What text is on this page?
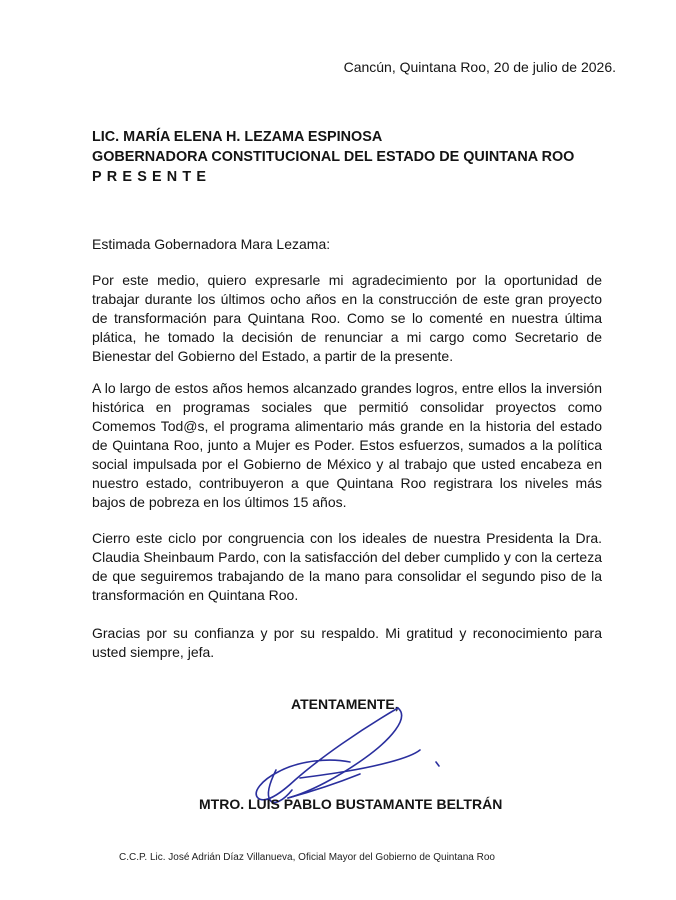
Cancún, Quintana Roo, 20 de julio de 2026.
LIC. MARÍA ELENA H. LEZAMA ESPINOSA
GOBERNADORA CONSTITUCIONAL DEL ESTADO DE QUINTANA ROO
PRESENTE
Estimada Gobernadora Mara Lezama:

Por este medio, quiero expresarle mi agradecimiento por la oportunidad de trabajar durante los últimos ocho años en la construcción de este gran proyecto de transformación para Quintana Roo. Como se lo comenté en nuestra última plática, he tomado la decisión de renunciar a mi cargo como Secretario de Bienestar del Gobierno del Estado, a partir de la presente.

A lo largo de estos años hemos alcanzado grandes logros, entre ellos la inversión histórica en programas sociales que permitió consolidar proyectos como Comemos Tod@s, el programa alimentario más grande en la historia del estado de Quintana Roo, junto a Mujer es Poder. Estos esfuerzos, sumados a la política social impulsada por el Gobierno de México y al trabajo que usted encabeza en nuestro estado, contribuyeron a que Quintana Roo registrara los niveles más bajos de pobreza en los últimos 15 años.

Cierro este ciclo por congruencia con los ideales de nuestra Presidenta la Dra. Claudia Sheinbaum Pardo, con la satisfacción del deber cumplido y con la certeza de que seguiremos trabajando de la mano para consolidar el segundo piso de la transformación en Quintana Roo.

Gracias por su confianza y por su respaldo. Mi gratitud y reconocimiento para usted siempre, jefa.

ATENTAMENTE,
MTRO. LUIS PABLO BUSTAMANTE BELTRÁN
C.C.P. Lic. José Adrián Díaz Villanueva, Oficial Mayor del Gobierno de Quintana Roo
